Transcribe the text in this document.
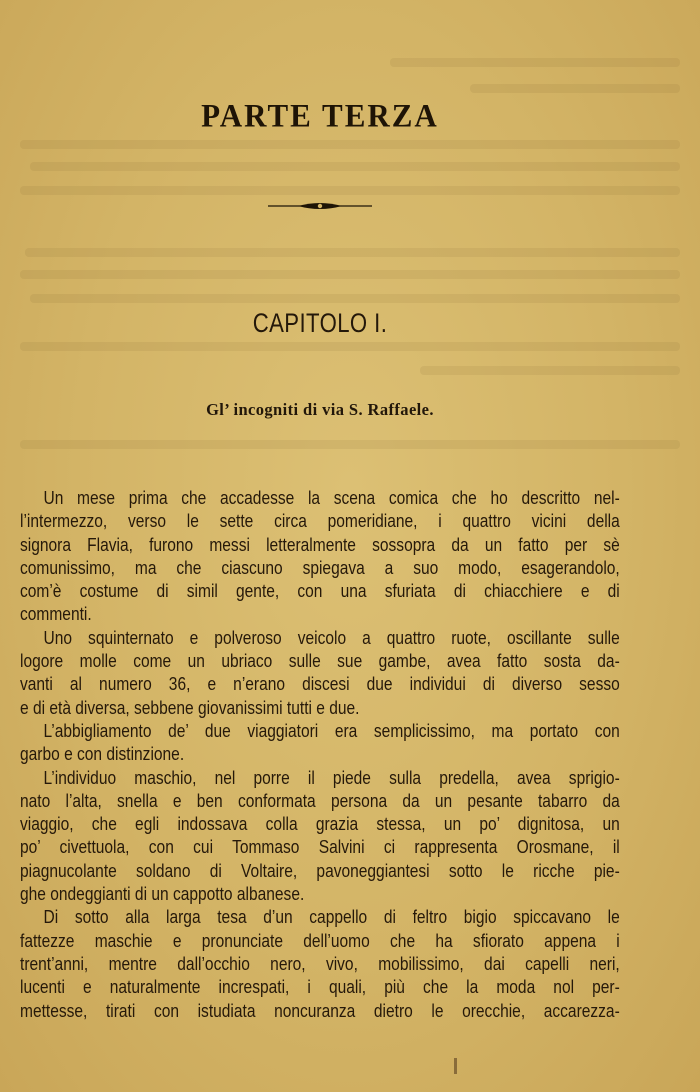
PARTE TERZA
CAPITOLO I.
Gl’ incogniti di via S. Raffaele.
Un mese prima che accadesse la scena comica che ho descritto nel-
l’intermezzo, verso le sette circa pomeridiane, i quattro vicini della
signora Flavia, furono messi letteralmente sossopra da un fatto per sè
comunissimo, ma che ciascuno spiegava a suo modo, esagerandolo,
com’è costume di simil gente, con una sfuriata di chiacchiere e di
commenti.
Uno squinternato e polveroso veicolo a quattro ruote, oscillante sulle
logore molle come un ubriaco sulle sue gambe, avea fatto sosta da-
vanti al numero 36, e n’erano discesi due individui di diverso sesso
e di età diversa, sebbene giovanissimi tutti e due.
L’abbigliamento de’ due viaggiatori era semplicissimo, ma portato con
garbo e con distinzione.
L’individuo maschio, nel porre il piede sulla predella, avea sprigio-
nato l’alta, snella e ben conformata persona da un pesante tabarro da
viaggio, che egli indossava colla grazia stessa, un po’ dignitosa, un
po’ civettuola, con cui Tommaso Salvini ci rappresenta Orosmane, il
piagnucolante soldano di Voltaire, pavoneggiantesi sotto le ricche pie-
ghe ondeggianti di un cappotto albanese.
Di sotto alla larga tesa d’un cappello di feltro bigio spiccavano le
fattezze maschie e pronunciate dell’uomo che ha sfiorato appena i
trent’anni, mentre dall’occhio nero, vivo, mobilissimo, dai capelli neri,
lucenti e naturalmente increspati, i quali, più che la moda nol per-
mettesse, tirati con istudiata noncuranza dietro le orecchie, accarezza-
